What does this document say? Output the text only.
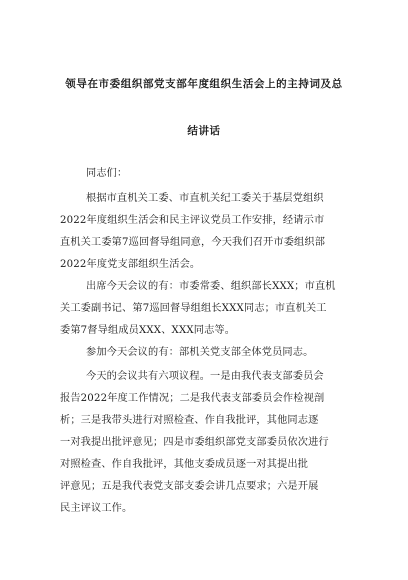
领导在市委组织部党支部年度组织生活会上的主持词及总
结讲话
同志们：
根据市直机关工委、市直机关纪工委关于基层党组织
2022年度组织生活会和民主评议党员工作安排，经请示市
直机关工委第7巡回督导组同意，今天我们召开市委组织部
2022年度党支部组织生活会。
出席今天会议的有：市委常委、组织部长XXX；市直机
关工委副书记、第7巡回督导组组长XXX同志；市直机关工
委第7督导组成员XXX、XXX同志等。
参加今天会议的有：部机关党支部全体党员同志。
今天的会议共有六项议程。一是由我代表支部委员会
报告2022年度工作情况；二是我代表支部委员会作检视剖
析；三是我带头进行对照检查、作自我批评，其他同志逐
一对我提出批评意见；四是市委组织部党支部委员依次进行
对照检查、作自我批评，其他支委成员逐一对其提出批
评意见；五是我代表党支部支委会讲几点要求；六是开展
民主评议工作。
